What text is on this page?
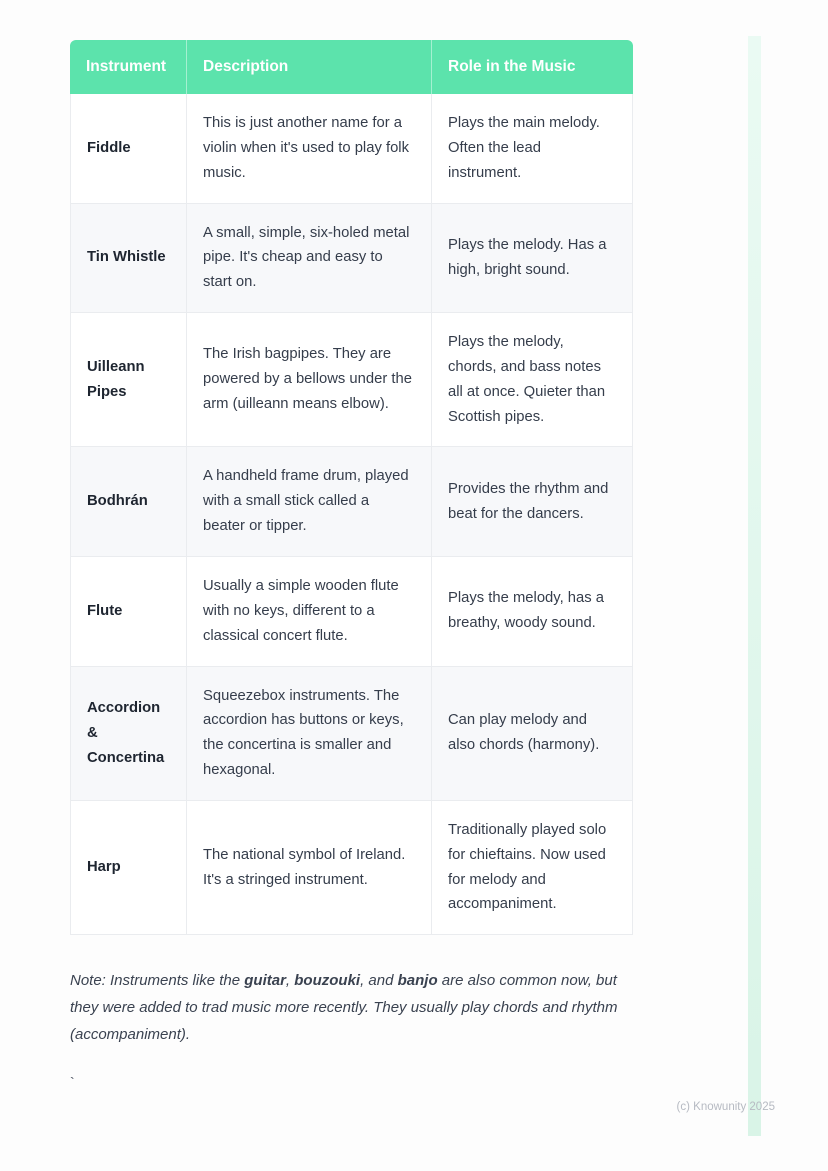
Instrument	Description	Role in the Music
Fiddle	This is just another name for a violin when it's used to play folk music.	Plays the main melody. Often the lead instrument.
Tin Whistle	A small, simple, six-holed metal pipe. It's cheap and easy to start on.	Plays the melody. Has a high, bright sound.
Uilleann Pipes	The Irish bagpipes. They are powered by a bellows under the arm (uilleann means elbow).	Plays the melody, chords, and bass notes all at once. Quieter than Scottish pipes.
Bodhrán	A handheld frame drum, played with a small stick called a beater or tipper.	Provides the rhythm and beat for the dancers.
Flute	Usually a simple wooden flute with no keys, different to a classical concert flute.	Plays the melody, has a breathy, woody sound.
Accordion & Concertina	Squeezebox instruments. The accordion has buttons or keys, the concertina is smaller and hexagonal.	Can play melody and also chords (harmony).
Harp	The national symbol of Ireland. It's a stringed instrument.	Traditionally played solo for chieftains. Now used for melody and accompaniment.

Note: Instruments like the guitar, bouzouki, and banjo are also common now, but they were added to trad music more recently. They usually play chords and rhythm (accompaniment).

`
(c) Knowunity 2025
